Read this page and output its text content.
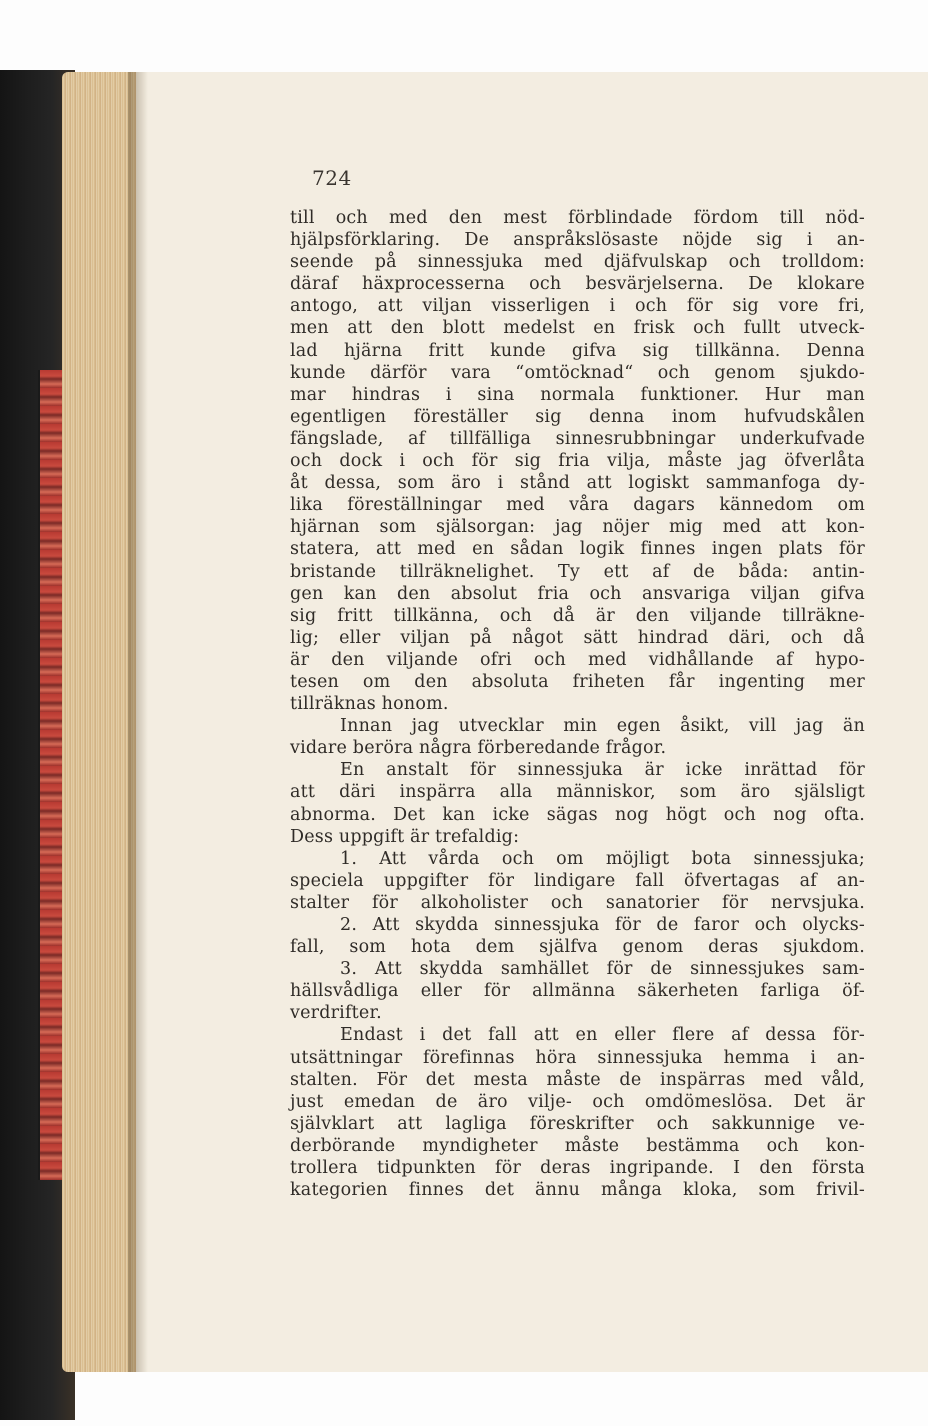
724
till och med den mest förblindade fördom till nöd-
hjälpsförklaring. De anspråkslösaste nöjde sig i an-
seende på sinnessjuka med djäfvulskap och trolldom:
däraf häxprocesserna och besvärjelserna. De klokare
antogo, att viljan visserligen i och för sig vore fri,
men att den blott medelst en frisk och fullt utveck-
lad hjärna fritt kunde gifva sig tillkänna. Denna
kunde därför vara “omtöcknad“ och genom sjukdo-
mar hindras i sina normala funktioner. Hur man
egentligen föreställer sig denna inom hufvudskålen
fängslade, af tillfälliga sinnesrubbningar underkufvade
och dock i och för sig fria vilja, måste jag öfverlåta
åt dessa, som äro i stånd att logiskt sammanfoga dy-
lika föreställningar med våra dagars kännedom om
hjärnan som själsorgan: jag nöjer mig med att kon-
statera, att med en sådan logik finnes ingen plats för
bristande tillräknelighet. Ty ett af de båda: antin-
gen kan den absolut fria och ansvariga viljan gifva
sig fritt tillkänna, och då är den viljande tillräkne-
lig; eller viljan på något sätt hindrad däri, och då
är den viljande ofri och med vidhållande af hypo-
tesen om den absoluta friheten får ingenting mer
tillräknas honom.
Innan jag utvecklar min egen åsikt, vill jag än
vidare beröra några förberedande frågor.
En anstalt för sinnessjuka är icke inrättad för
att däri inspärra alla människor, som äro själsligt
abnorma. Det kan icke sägas nog högt och nog ofta.
Dess uppgift är trefaldig:
1. Att vårda och om möjligt bota sinnessjuka;
speciela uppgifter för lindigare fall öfvertagas af an-
stalter för alkoholister och sanatorier för nervsjuka.
2. Att skydda sinnessjuka för de faror och olycks-
fall, som hota dem själfva genom deras sjukdom.
3. Att skydda samhället för de sinnessjukes sam-
hällsvådliga eller för allmänna säkerheten farliga öf-
verdrifter.
Endast i det fall att en eller flere af dessa för-
utsättningar förefinnas höra sinnessjuka hemma i an-
stalten. För det mesta måste de inspärras med våld,
just emedan de äro vilje- och omdömeslösa. Det är
självklart att lagliga föreskrifter och sakkunnige ve-
derbörande myndigheter måste bestämma och kon-
trollera tidpunkten för deras ingripande. I den första
kategorien finnes det ännu många kloka, som frivil-
